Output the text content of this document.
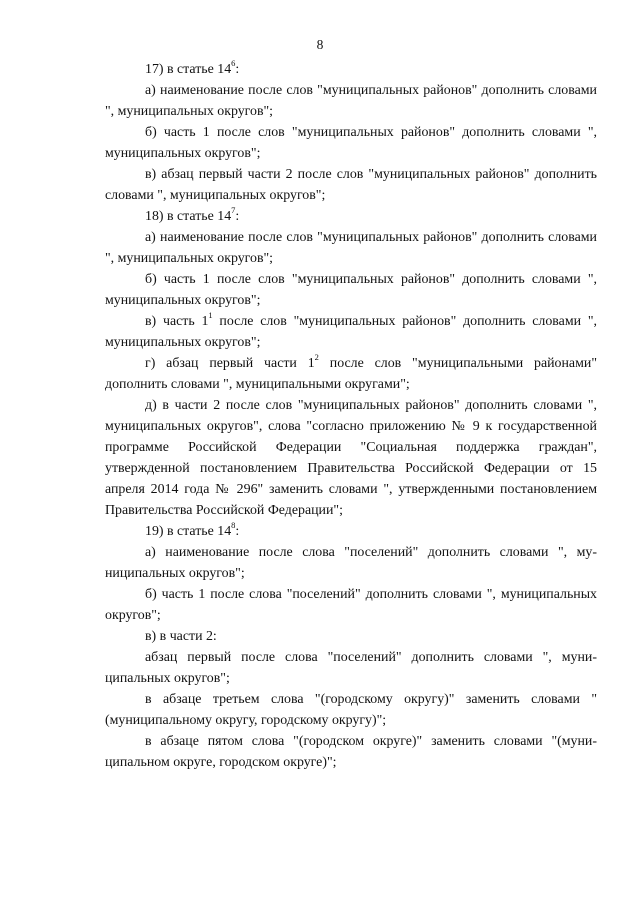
8

17) в статье $14^6$:

а) наименование после слов "муниципальных районов" дополнить словами ", муниципальных округов";

б) часть 1 после слов "муниципальных районов" дополнить словами ", муниципальных округов";

в) абзац первый части 2 после слов "муниципальных районов" дополнить словами ", муниципальных округов";

18) в статье $14^7$:

а) наименование после слов "муниципальных районов" дополнить словами ", муниципальных округов";

б) часть 1 после слов "муниципальных районов" дополнить словами ", муниципальных округов";

в) часть $1^1$ после слов "муниципальных районов" дополнить словами ", муниципальных округов";

г) абзац первый части $1^2$ после слов "муниципальными районами" дополнить словами ", муниципальными округами";

д) в части 2 после слов "муниципальных районов" дополнить словами ", муниципальных округов", слова "согласно приложению № 9 к государственной программе Российской Федерации "Социальная поддержка граждан", утвержденной постановлением Правительства Российской Федерации от 15 апреля 2014 года № 296" заменить словами ", утвержденными постановлением Правительства Российской Федерации";

19) в статье $14^8$:

а) наименование после слова "поселений" дополнить словами ", муниципальных округов";

б) часть 1 после слова "поселений" дополнить словами ", муниципальных округов";

в) в части 2:

абзац первый после слова "поселений" дополнить словами ", муниципальных округов";

в абзаце третьем слова "(городскому округу)" заменить словами "(муниципальному округу, городскому округу)";

в абзаце пятом слова "(городском округе)" заменить словами "(муниципальном округе, городском округе)";
